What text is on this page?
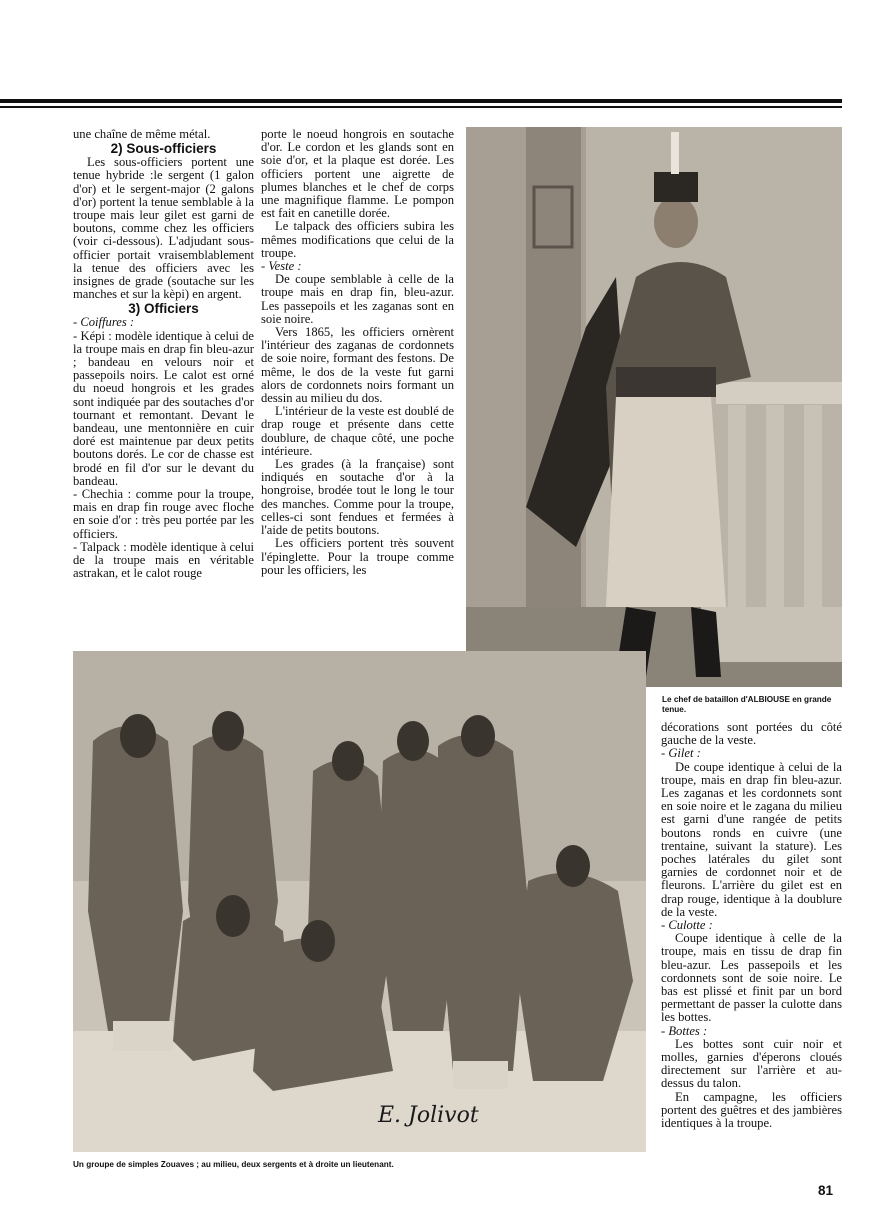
une chaîne de même métal.

2) Sous-officiers

Les sous-officiers portent une tenue hybride :le sergent (1 galon d'or) et le sergent-major (2 galons d'or) portent la tenue semblable à la troupe mais leur gilet est garni de boutons, comme chez les officiers (voir ci-dessous). L'adjudant sous-officier portait vraisemblablement la tenue des officiers avec les insignes de grade (soutache sur les manches et sur la kèpi) en argent.

3) Officiers

- Coiffures :

- Képi : modèle identique à celui de la troupe mais en drap fin bleu-azur ; bandeau en velours noir et passepoils noirs. Le calot est orné du noeud hongrois et les grades sont indiquée par des soutaches d'or tournant et remontant. Devant le bandeau, une mentonnière en cuir doré est maintenue par deux petits boutons dorés. Le cor de chasse est brodé en fil d'or sur le devant du bandeau.

- Chechia : comme pour la troupe, mais en drap fin rouge avec floche en soie d'or : très peu portée par les officiers.

- Talpack : modèle identique à celui de la troupe mais en véritable astrakan, et le calot rouge

porte le noeud hongrois en soutache d'or. Le cordon et les glands sont en soie d'or, et la plaque est dorée. Les officiers portent une aigrette de plumes blanches et le chef de corps une magnifique flamme. Le pompon est fait en canetille dorée.

Le talpack des officiers subira les mêmes modifications que celui de la troupe.

- Veste :

De coupe semblable à celle de la troupe mais en drap fin, bleu-azur. Les passepoils et les zaganas sont en soie noire.

Vers 1865, les officiers ornèrent l'intérieur des zaganas de cordonnets de soie noire, formant des festons. De même, le dos de la veste fut garni alors de cordonnets noirs formant un dessin au milieu du dos.

L'intérieur de la veste est doublé de drap rouge et présente dans cette doublure, de chaque côté, une poche intérieure.

Les grades (à la française) sont indiqués en soutache d'or à la hongroise, brodée tout le long le tour des manches. Comme pour la troupe, celles-ci sont fendues et fermées à l'aide de petits boutons.

Les officiers portent très souvent l'épinglette. Pour la troupe comme pour les officiers, les

Le chef de bataillon d'ALBIOUSE en grande tenue.
E. Jolivot
Un groupe de simples Zouaves ; au milieu, deux sergents et à droite un lieutenant.

décorations sont portées du côté gauche de la veste.

- Gilet :

De coupe identique à celui de la troupe, mais en drap fin bleu-azur. Les zaganas et les cordonnets sont en soie noire et le zagana du milieu est garni d'une rangée de petits boutons ronds en cuivre (une trentaine, suivant la stature). Les poches latérales du gilet sont garnies de cordonnet noir et de fleurons. L'arrière du gilet est en drap rouge, identique à la doublure de la veste.

- Culotte :

Coupe identique à celle de la troupe, mais en tissu de drap fin bleu-azur. Les passepoils et les cordonnets sont de soie noire. Le bas est plissé et finit par un bord permettant de passer la culotte dans les bottes.

- Bottes :

Les bottes sont cuir noir et molles, garnies d'éperons cloués directement sur l'arrière et au-dessus du talon.

En campagne, les officiers portent des guêtres et des jambières identiques à la troupe.

81
